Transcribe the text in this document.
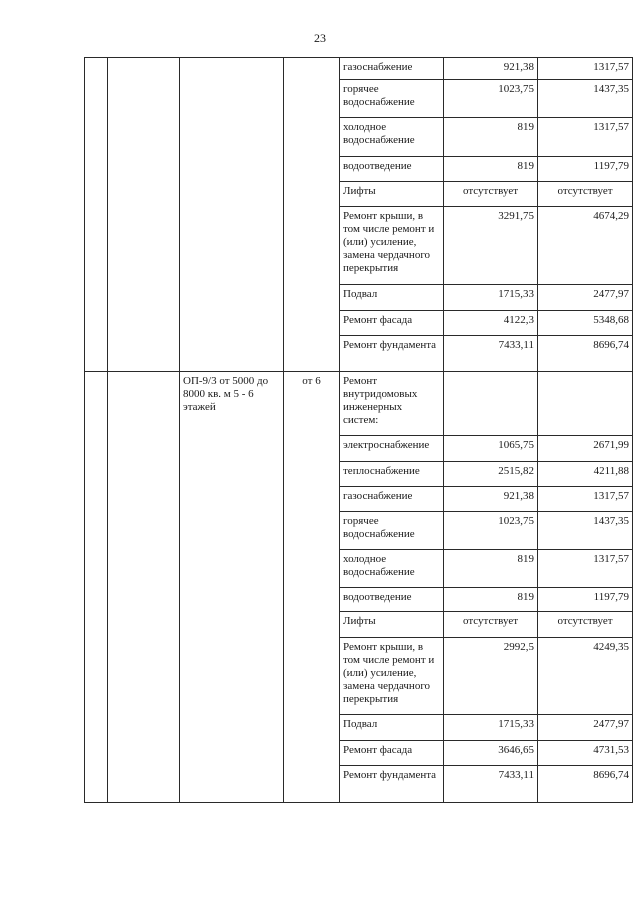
23
				газоснабжение	921,38	1317,57
				горячее водоснабжение	1023,75	1437,35
				холодное водоснабжение	819	1317,57
				водоотведение	819	1197,79
				Лифты	отсутствует	отсутствует
				Ремонт крыши, в том числе ремонт и (или) усиление, замена чердачного перекрытия	3291,75	4674,29
				Подвал	1715,33	2477,97
				Ремонт фасада	4122,3	5348,68
				Ремонт фундамента	7433,11	8696,74
		ОП-9/3 от 5000 до 8000 кв. м 5 - 6 этажей	от 6	Ремонт внутридомовых инженерных систем:		
				электроснабжение	1065,75	2671,99
				теплоснабжение	2515,82	4211,88
				газоснабжение	921,38	1317,57
				горячее водоснабжение	1023,75	1437,35
				холодное водоснабжение	819	1317,57
				водоотведение	819	1197,79
				Лифты	отсутствует	отсутствует
				Ремонт крыши, в том числе ремонт и (или) усиление, замена чердачного перекрытия	2992,5	4249,35
				Подвал	1715,33	2477,97
				Ремонт фасада	3646,65	4731,53
				Ремонт фундамента	7433,11	8696,74
